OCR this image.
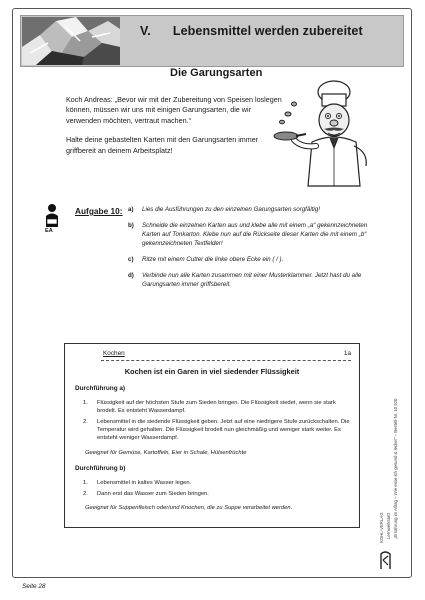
V. Lebensmittel werden zubereitet
Die Garungsarten

Koch Andreas: „Bevor wir mit der Zubereitung von Speisen loslegen können, müssen wir uns mit einigen Garungsarten, die wir verwenden möchten, vertraut machen.“

Halte deine gebastelten Karten mit den Garungsarten immer griffbereit an deinem Arbeitsplatz!

EA
Aufgabe 10: a)	Lies die Ausführungen zu den einzelnen Garungsarten sorgfältig!
b)	Schneide die einzelnen Karten aus und klebe alle mit einem „a“ gekennzeichneten Karten auf Tonkarton. Klebe nun auf die Rückseite dieser Karten die mit einem „b“ gekennzeichneten Textfelder!
c)	Ritze mit einem Cutter die linke obere Ecke ein ( / ).
d)	Verbinde nun alle Karten zusammen mit einer Musterklammer. Jetzt hast du alle Garungsarten immer griffsbereit.
Kochen	1a
Kochen ist ein Garen in viel siedender Flüssigkeit
Durchführung a)
1.	Flüssigkeit auf der höchsten Stufe zum Sieden bringen. Die Flüssigkeit siedet, wenn sie stark brodelt. Es entsteht Wasserdampf.
2.	Lebensmittel in die siedende Flüssigkeit geben. Jetzt auf eine niedrigere Stufe zurückschalten. Die Temperatur wird gehalten. Die Flüssigkeit brodelt nun gleichmäßig und weniger stark weiter. Es entsteht weniger Wasserdampf.
Geeignet für Gemüse, Kartoffeln, Eier in Schale, Hülsenfrüchte
Durchführung b)
1.	Lebensmittel in kaltes Wasser legen.
2.	Dann erst das Wasser zum Sieden bringen.
Geeignet für Suppenfleisch oder/und Knochen, die zu Suppe verarbeitet werden.
KOHL-VERLAG Lernwerkstatt „Ernährung im Alltag – Wie esse ich gesund & lecker“ – Bestell-Nr. 10 920
Seite 28
